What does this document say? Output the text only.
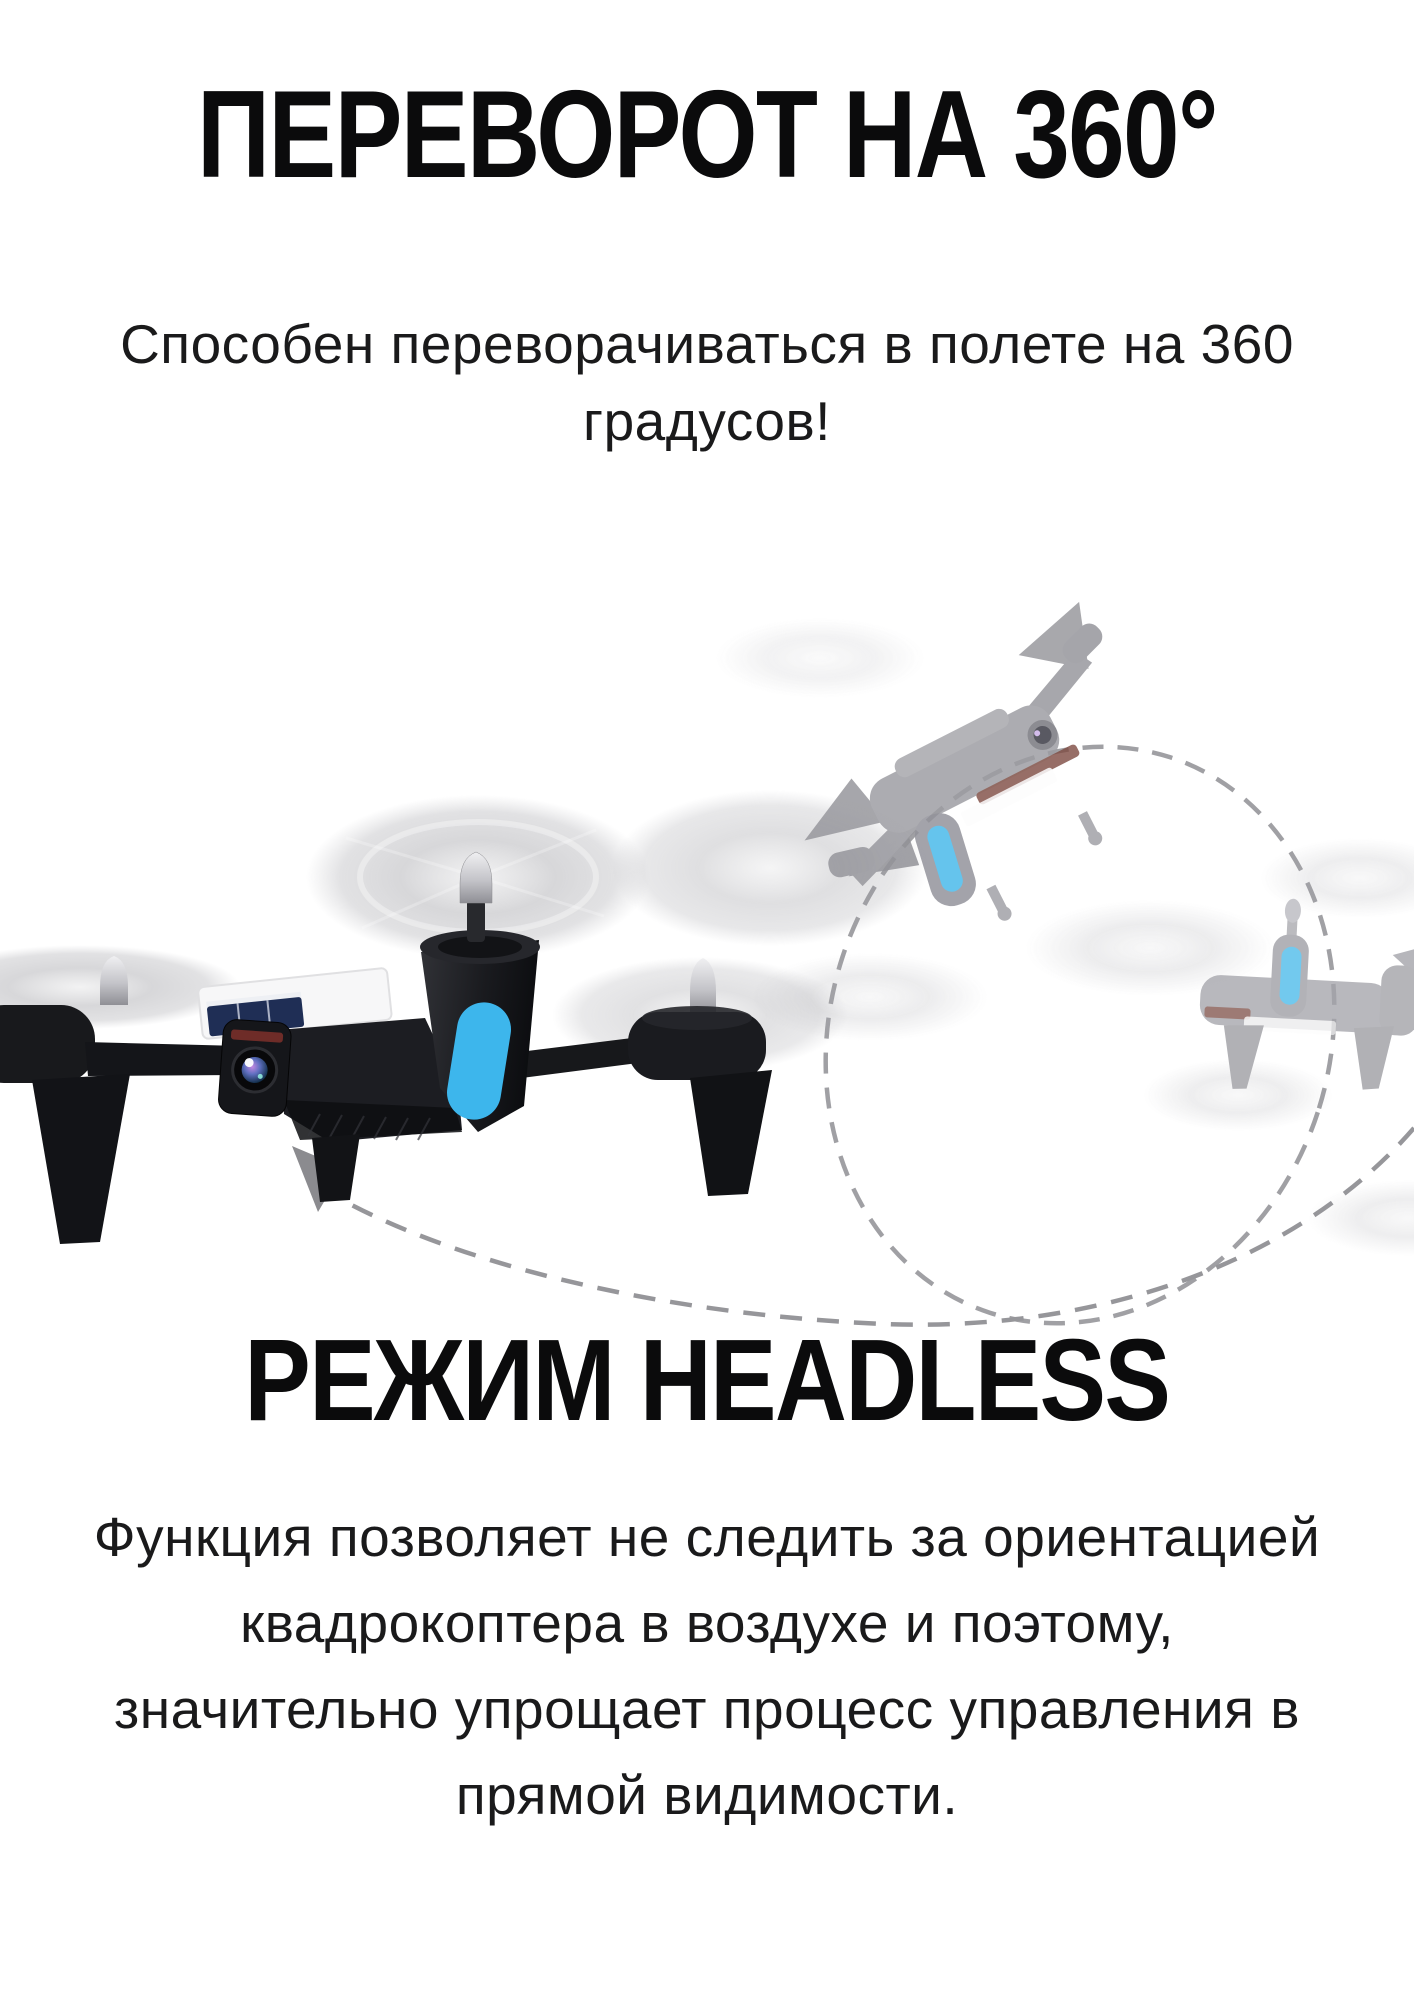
ПЕРЕВОРОТ НА 360°

Способен переворачиваться в полете на 360
градусов!

РЕЖИМ HEADLESS

Функция позволяет не следить за ориентацией
квадрокоптера в воздухе и поэтому,
значительно упрощает процесс управления в
прямой видимости.
